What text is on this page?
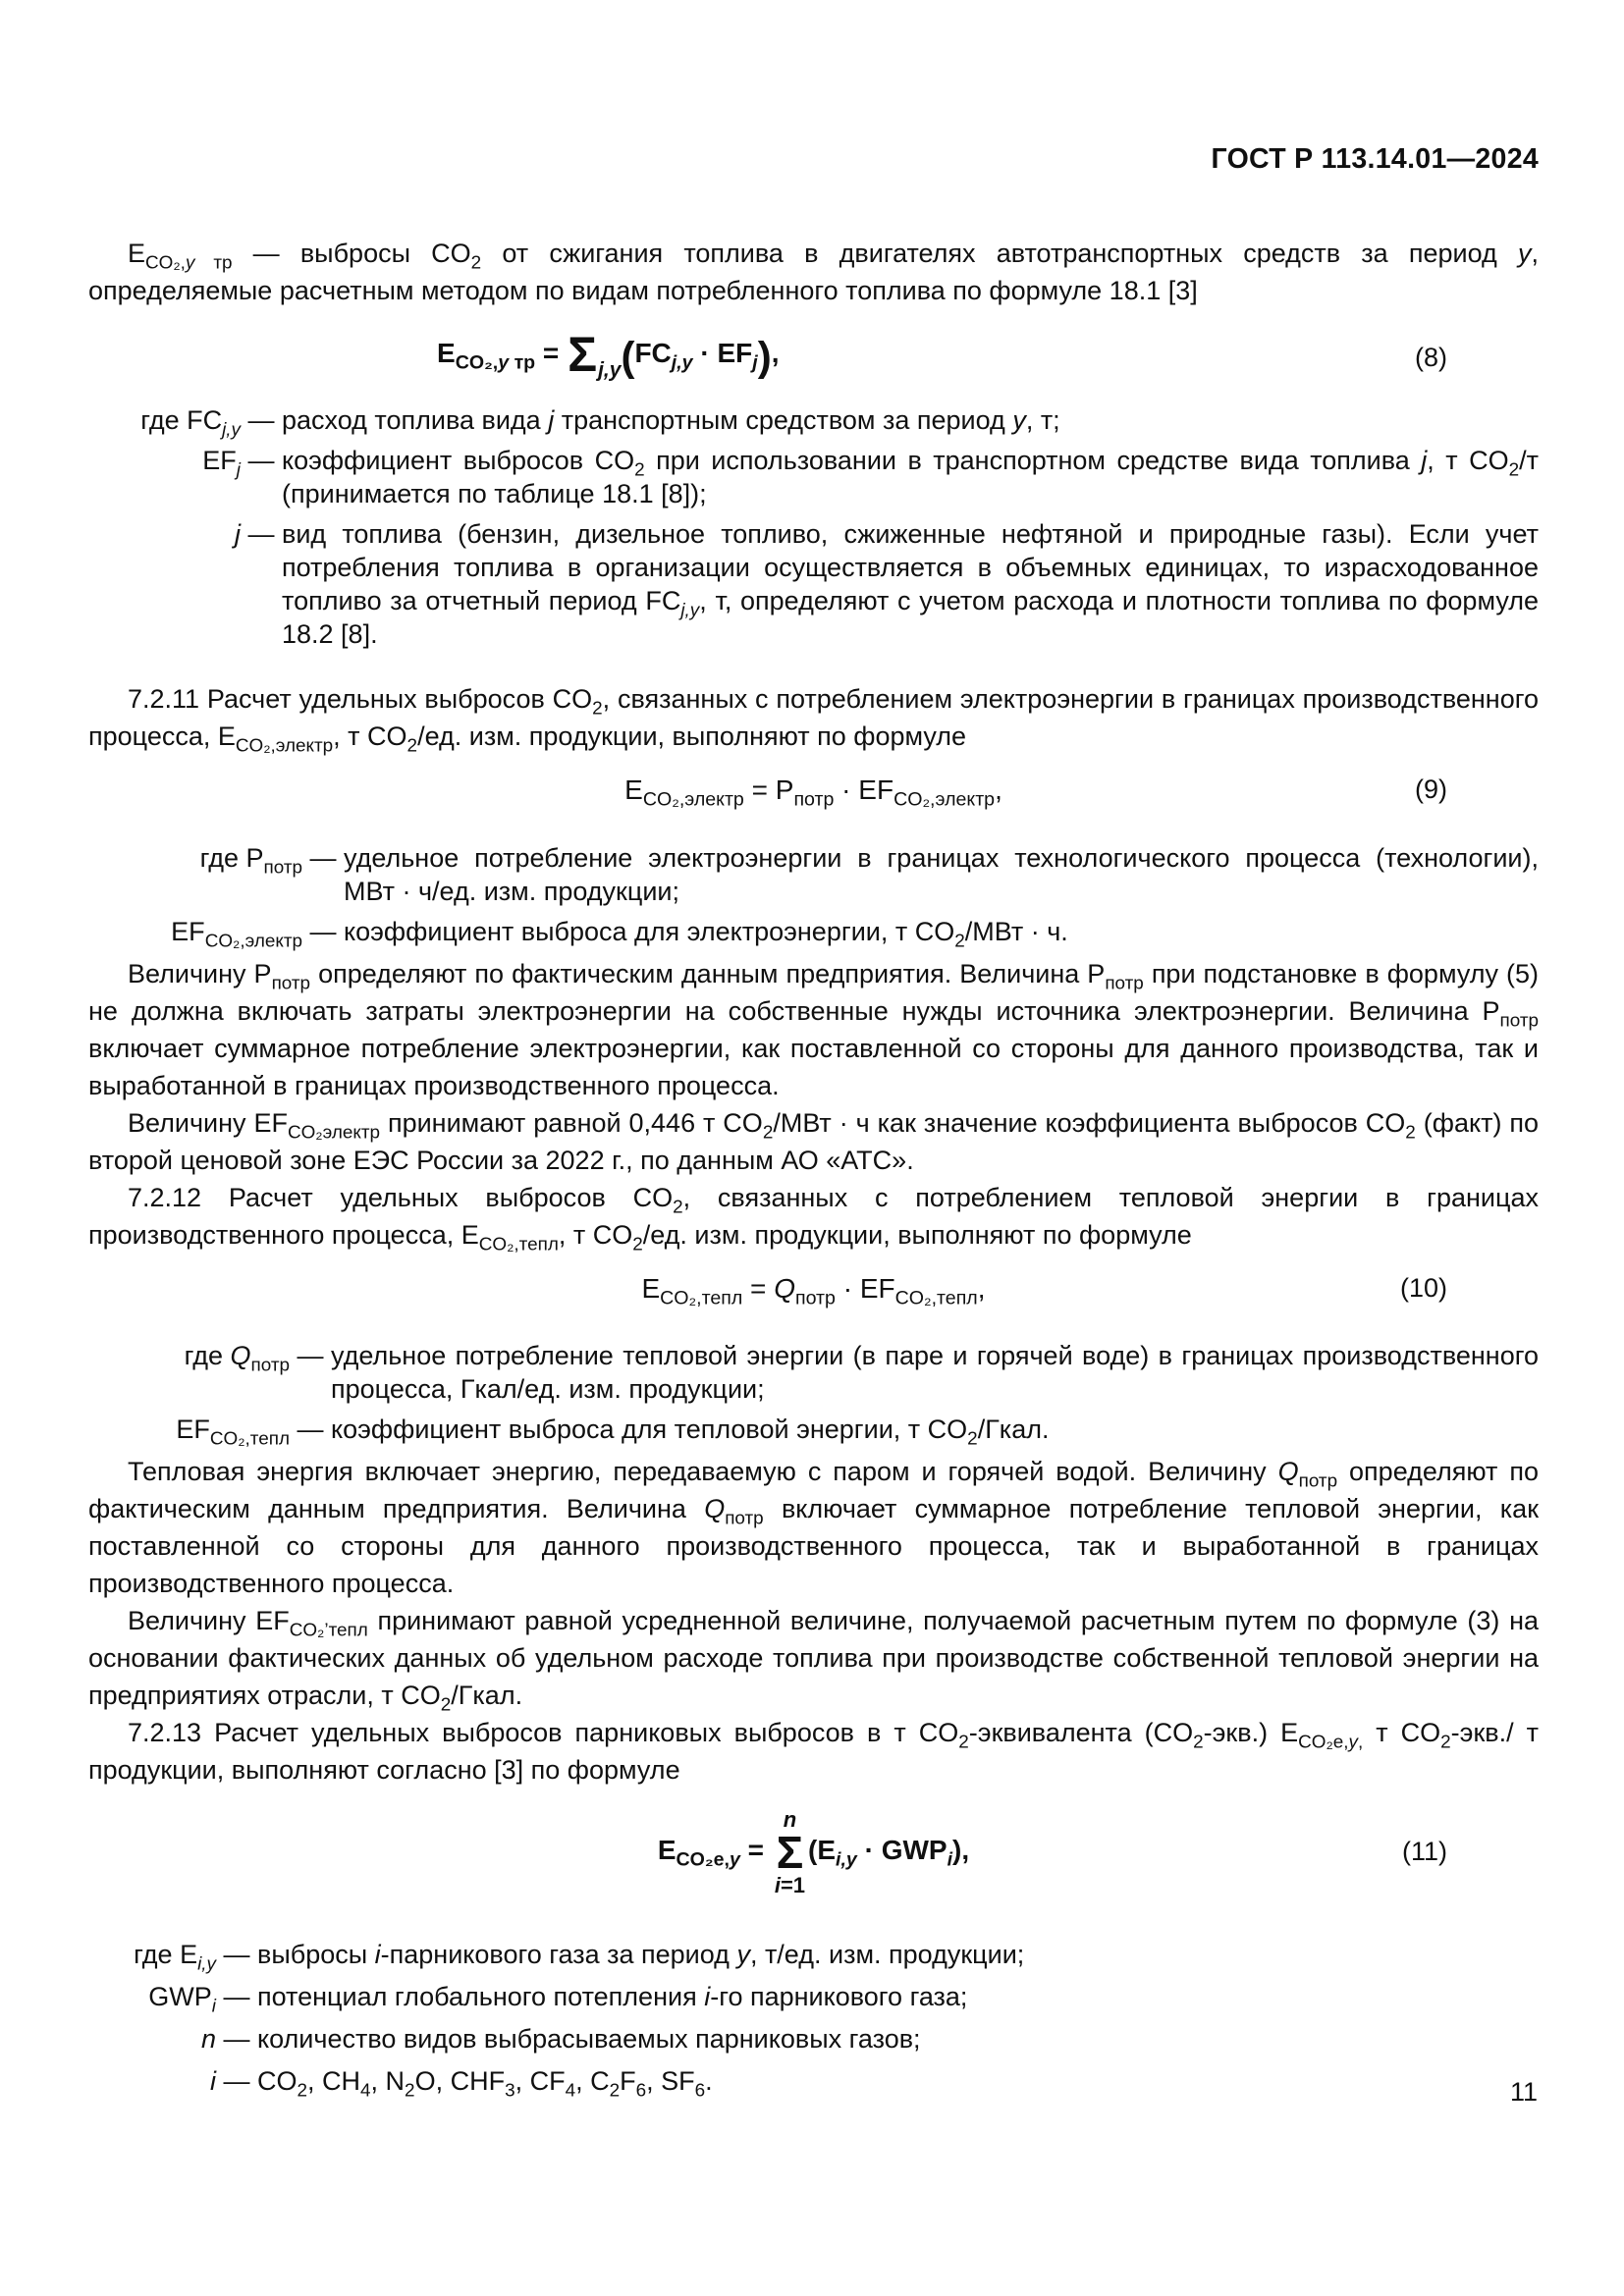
ГОСТ Р 113.14.01—2024

$E_{CO_2,y тр}$ — выбросы $CO_2$ от сжигания топлива в двигателях автотранспортных средств за период y, определяемые расчетным методом по видам потребленного топлива по формуле 18.1 [3]

$E_{CO_2,y тр} = \Sigma_{j,y}(FC_{j,y} \cdot EF_j)$,	(8)
где $FC_{j,y}$ — расход топлива вида j транспортным средством за период y, т;
$EF_j$ — коэффициент выбросов $CO_2$ при использовании в транспортном средстве вида топлива j, т $CO_2/т$ (принимается по таблице 18.1 [8]);
j — вид топлива (бензин, дизельное топливо, сжиженные нефтяной и природные газы). Если учет потребления топлива в организации осуществляется в объемных единицах, то израсходованное топливо за отчетный период $FC_{j,y}$, т, определяют с учетом расхода и плотности топлива по формуле 18.2 [8].

7.2.11 Расчет удельных выбросов $CO_2$, связанных с потреблением электроэнергии в границах производственного процесса, $E_{CO_2,электр}$, т $CO_2/ед$. изм. продукции, выполняют по формуле

$E_{CO_2,электр} = P_{потр} \cdot EF_{CO_2,электр}$,	(9)
где $P_{потр}$ — удельное потребление электроэнергии в границах технологического процесса (технологии), МВт · ч/ед. изм. продукции;
$EF_{CO_2,электр}$ — коэффициент выброса для электроэнергии, т $CO_2$/МВт · ч.

Величину $P_{потр}$ определяют по фактическим данным предприятия. Величина $P_{потр}$ при подстановке в формулу (5) не должна включать затраты электроэнергии на собственные нужды источника электроэнергии. Величина $P_{потр}$ включает суммарное потребление электроэнергии, как поставленной со стороны для данного производства, так и выработанной в границах производственного процесса.

Величину $EF_{CO_2электр}$ принимают равной 0,446 т $CO_2$/МВт · ч как значение коэффициента выбросов $CO_2$ (факт) по второй ценовой зоне ЕЭС России за 2022 г., по данным АО «АТС».

7.2.12 Расчет удельных выбросов $CO_2$, связанных с потреблением тепловой энергии в границах производственного процесса, $E_{CO_2,тепл}$, т $CO_2/ед$. изм. продукции, выполняют по формуле

$E_{CO_2,тепл} = Q_{потр} \cdot EF_{CO_2,тепл}$,	(10)
где $Q_{потр}$ — удельное потребление тепловой энергии (в паре и горячей воде) в границах производственного процесса, Гкал/ед. изм. продукции;
$EF_{CO_2,тепл}$ — коэффициент выброса для тепловой энергии, т $CO_2$/Гкал.

Тепловая энергия включает энергию, передаваемую с паром и горячей водой. Величину $Q_{потр}$ определяют по фактическим данным предприятия. Величина $Q_{потр}$ включает суммарное потребление тепловой энергии, как поставленной со стороны для данного производственного процесса, так и выработанной в границах производственного процесса.

Величину $EF_{CO_2’тепл}$ принимают равной усредненной величине, получаемой расчетным путем по формуле (3) на основании фактических данных об удельном расходе топлива при производстве собственной тепловой энергии на предприятиях отрасли, т $CO_2$/Гкал.

7.2.13 Расчет удельных выбросов парниковых выбросов в т $CO_2$-эквивалента $(CO_2-экв.)$ $E_{CO_2е,y,}$ т $CO_2-экв./$ т продукции, выполняют согласно [3] по формуле

$E_{CO_2е,y}$ =
n
Σ
i=1
$(E_{i,y} \cdot GWP_i)$,	(11)
где $E_{i,y}$ — выбросы i-парникового газа за период y, т/ед. изм. продукции;
$GWP_i$ — потенциал глобального потепления i-го парникового газа;
n — количество видов выбрасываемых парниковых газов;
i — $CO_2$, $CH_4$, $N_2O$, $CHF_3$, $CF_4$, $C_2F_6$, $SF_6$.	11
